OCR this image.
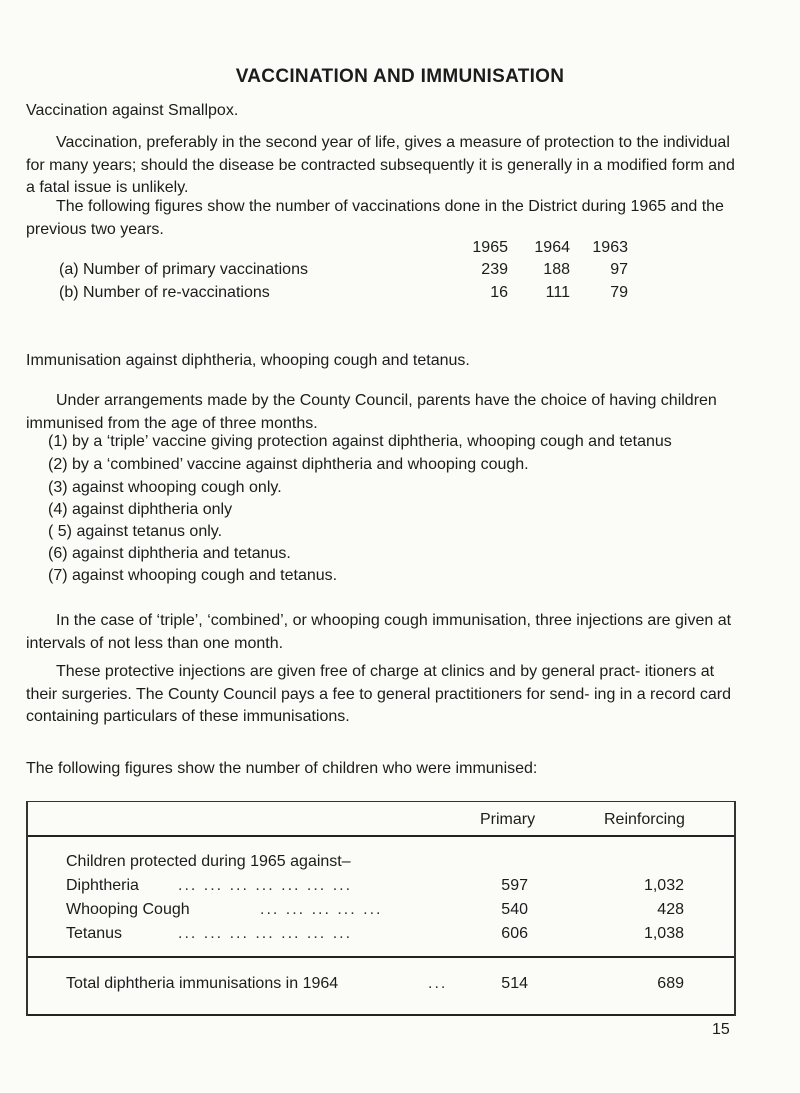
VACCINATION AND IMMUNISATION
Vaccination against Smallpox.
Vaccination, preferably in the second year of life, gives a measure of protection to the individual for many years; should the disease be contracted subsequently it is generally in a modified form and a fatal issue is unlikely.
The following figures show the number of vaccinations done in the District during 1965 and the previous two years.
1965	1964	1963
(a) Number of primary vaccinations	239	188	97
(b) Number of re-vaccinations	16	111	79
Immunisation against diphtheria, whooping cough and tetanus.
Under arrangements made by the County Council, parents have the choice of having children immunised from the age of three months.
(1) by a ‘triple’ vaccine giving protection against diphtheria, whooping cough and tetanus
(2) by a ‘combined’ vaccine against diphtheria and whooping cough.
(3) against whooping cough only.
(4) against diphtheria only
( 5) against tetanus only.
(6) against diphtheria and tetanus.
(7) against whooping cough and tetanus.
In the case of ‘triple’, ‘combined’, or whooping cough immunisation, three injections are given at intervals of not less than one month.
These protective injections are given free of charge at clinics and by general pract- itioners at their surgeries. The County Council pays a fee to general practitioners for send- ing in a record card containing particulars of these immunisations.
The following figures show the number of children who were immunised:
Primary	Reinforcing
Children protected during 1965 against–
Diphtheria ... ... ... ... ... ... ...	597	1,032
Whooping Cough	... ... ... ... ...	540	428
Tetanus	... ... ... ... ... ... ...	606	1,038
Total diphtheria immunisations in 1964	...	514	689
15
